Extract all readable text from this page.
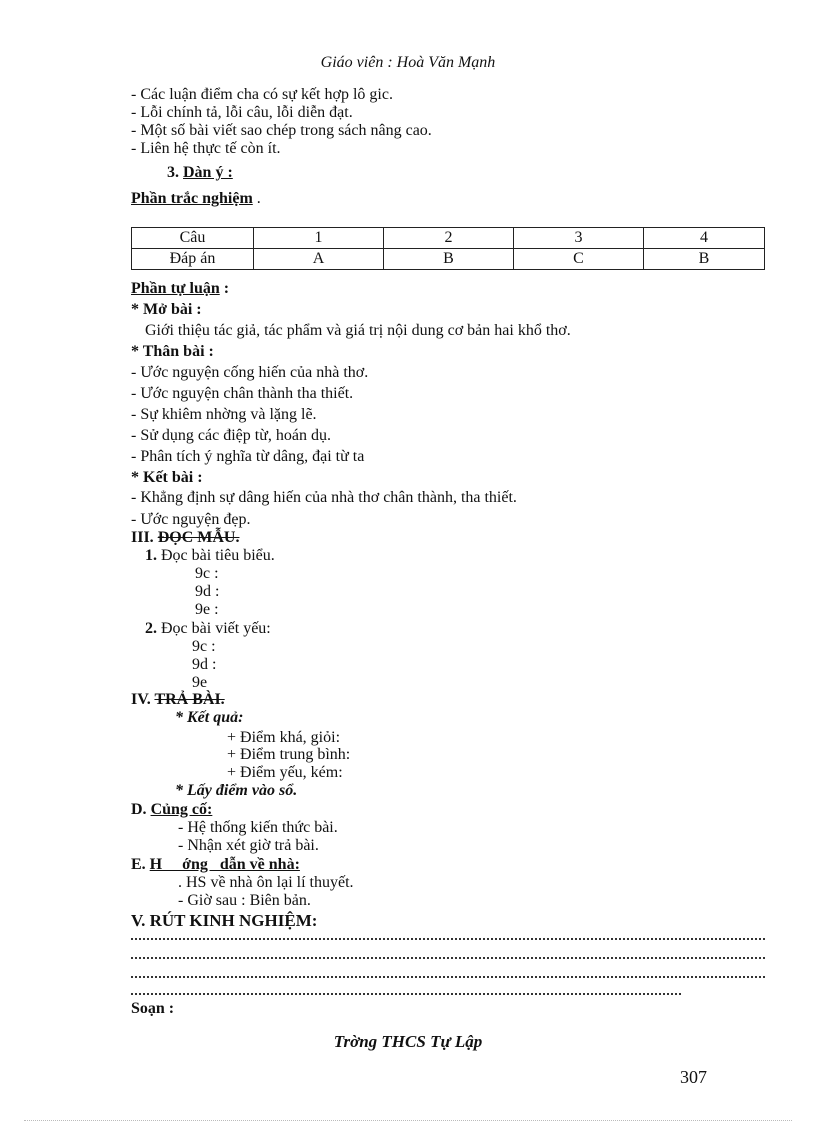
Giáo viên : Hoà Văn Mạnh
- Các luận điểm cha có sự kết hợp lô gic.
- Lỗi chính tả, lỗi câu, lỗi diễn đạt.
- Một số bài viết sao chép trong sách nâng cao.
- Liên hệ thực tế còn ít.
3. Dàn ý :
Phần trắc nghiệm .
Câu	1	2	3	4
Đáp án	A	B	C	B
Phần tự luận :
* Mở bài :
Giới thiệu tác giả, tác phẩm và giá trị nội dung cơ bản hai khổ thơ.
* Thân bài :
- Ước nguyện cống hiến của nhà thơ.
- Ước nguyện chân thành tha thiết.
- Sự khiêm nhờng và lặng lẽ.
- Sử dụng các điệp từ, hoán dụ.
- Phân tích ý nghĩa từ dâng, đại từ ta
* Kết bài :
- Khẳng định sự dâng hiến của nhà thơ chân thành, tha thiết.
- Ước nguyện đẹp.
III. ĐỌC MẪU.
1. Đọc bài tiêu biểu.
9c :
9d :
9e :
2. Đọc bài viết yếu:
9c :
9d :
9e
IV. TRẢ BÀI.
* Kết quả:
+ Điểm khá, giỏi:
+ Điểm trung bình:
+ Điểm yếu, kém:
* Lấy điểm vào sổ.
D. Củng cố:
- Hệ thống kiến thức bài.
- Nhận xét giờ trả bài.
E. H     ớng   dẫn về nhà:
. HS về nhà ôn lại lí thuyết.
- Giờ sau : Biên bản.
V. RÚT KINH NGHIỆM:
Soạn :
Trờng THCS Tự Lập
307
